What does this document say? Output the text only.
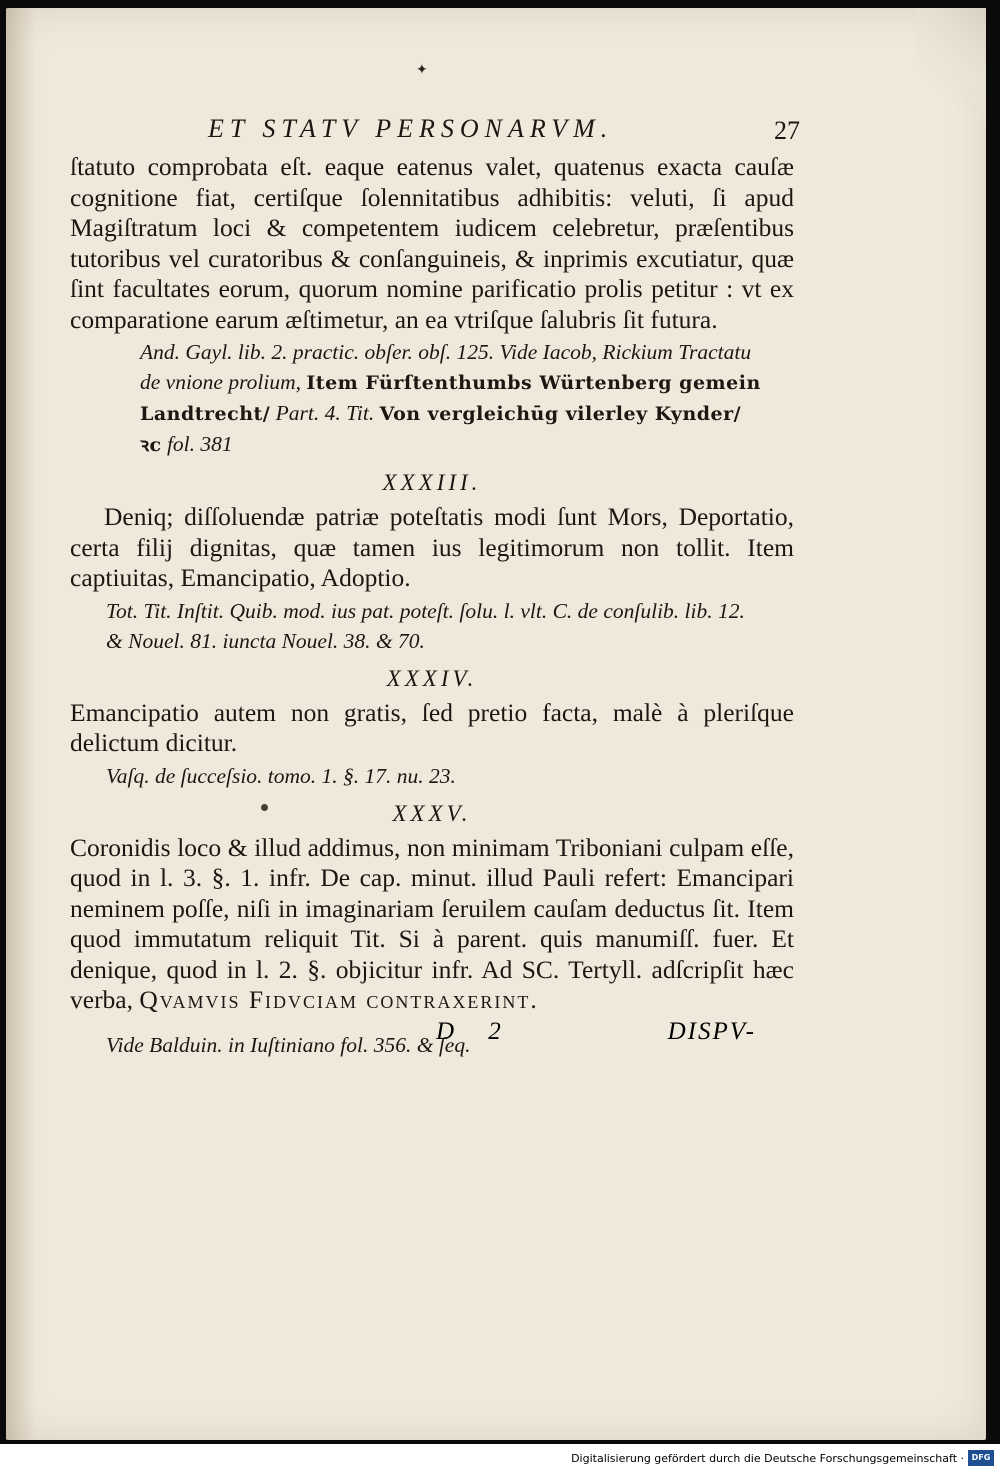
✦
ET STATV PERSONARVM.	27

ſtatuto comprobata eſt. eaque eatenus valet, quatenus exacta cauſæ cognitione fiat, certiſque ſolennitatibus adhibitis: veluti, ſi apud Magiſtratum loci & competentem iudicem celebretur, præſentibus tutoribus vel curatoribus & conſanguineis, & inprimis excutiatur, quæ ſint facultates eorum, quorum nomine parificatio prolis petitur : vt ex comparatione earum æſtimetur, an ea vtriſque ſalubris ſit futura.

And. Gayl. lib. 2. practic. obſer. obſ. 125. Vide Iacob, Rickium Tractatu de vnione prolium, Item Fürſtenthumbs Würtenberg gemein Landtrecht/ Part. 4. Tit. Von vergleichūg vilerley Kynder/ ꝛc fol. 381

XXXIII.

Deniq; diſſoluendæ patriæ poteſtatis modi ſunt Mors, Deportatio, certa filij dignitas, quæ tamen ius legitimorum non tollit. Item captiuitas, Emancipatio, Adoptio.

Tot. Tit. Inſtit. Quib. mod. ius pat. poteſt. ſolu. l. vlt. C. de conſulib. lib. 12. & Nouel. 81. iuncta Nouel. 38. & 70.

XXXIV.

Emancipatio autem non gratis, ſed pretio facta, malè à pleriſque delictum dicitur.

Vaſq. de ſucceſsio. tomo. 1. §. 17. nu. 23.

XXXV.

Coronidis loco & illud addimus, non minimam Triboniani culpam eſſe, quod in l. 3. §. 1. infr. De cap. minut. illud Pauli refert: Emancipari neminem poſſe, niſi in imaginariam ſeruilem cauſam deductus ſit. Item quod immutatum reliquit Tit. Si à parent. quis manumiſſ. fuer. Et denique, quod in l. 2. §. objicitur infr. Ad SC. Tertyll. adſcripſit hæc verba, Qvamvis Fidvciam contraxerint.

Vide Balduin. in Iuſtiniano fol. 356. & ſeq.

D 2	DISPV-
Digitalisierung gefördert durch die Deutsche Forschungsgemeinschaft · DFG
